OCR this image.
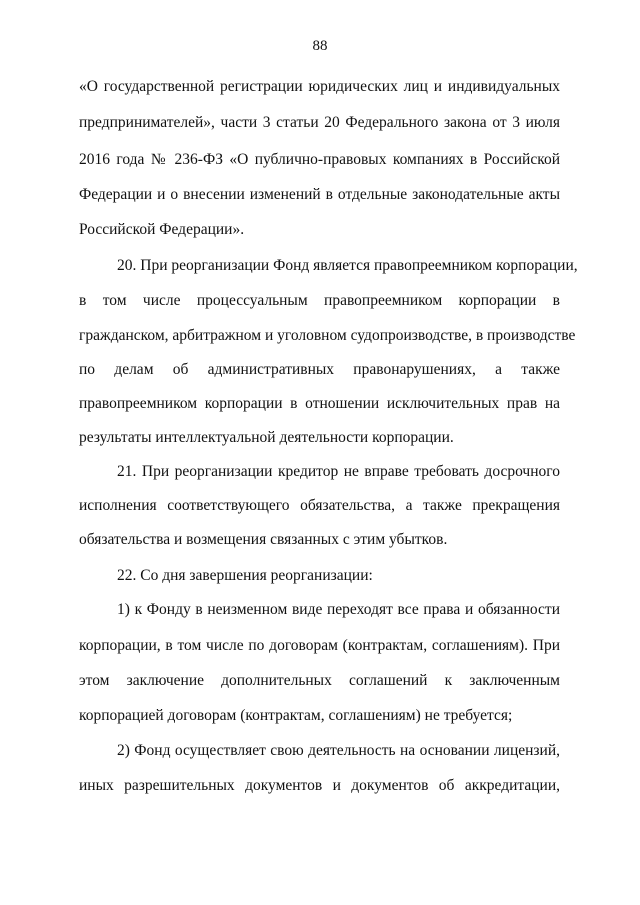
88
«О государственной регистрации юридических лиц и индивидуальных
предпринимателей», части 3 статьи 20 Федерального закона от 3 июля
2016 года № 236-ФЗ «О публично-правовых компаниях в Российской
Федерации и о внесении изменений в отдельные законодательные акты
Российской Федерации».
20. При реорганизации Фонд является правопреемником корпорации,
в том числе процессуальным правопреемником корпорации в
гражданском, арбитражном и уголовном судопроизводстве, в производстве
по делам об административных правонарушениях, а также
правопреемником корпорации в отношении исключительных прав на
результаты интеллектуальной деятельности корпорации.
21. При реорганизации кредитор не вправе требовать досрочного
исполнения соответствующего обязательства, а также прекращения
обязательства и возмещения связанных с этим убытков.
22. Со дня завершения реорганизации:
1) к Фонду в неизменном виде переходят все права и обязанности
корпорации, в том числе по договорам (контрактам, соглашениям). При
этом заключение дополнительных соглашений к заключенным
корпорацией договорам (контрактам, соглашениям) не требуется;
2) Фонд осуществляет свою деятельность на основании лицензий,
иных разрешительных документов и документов об аккредитации,
